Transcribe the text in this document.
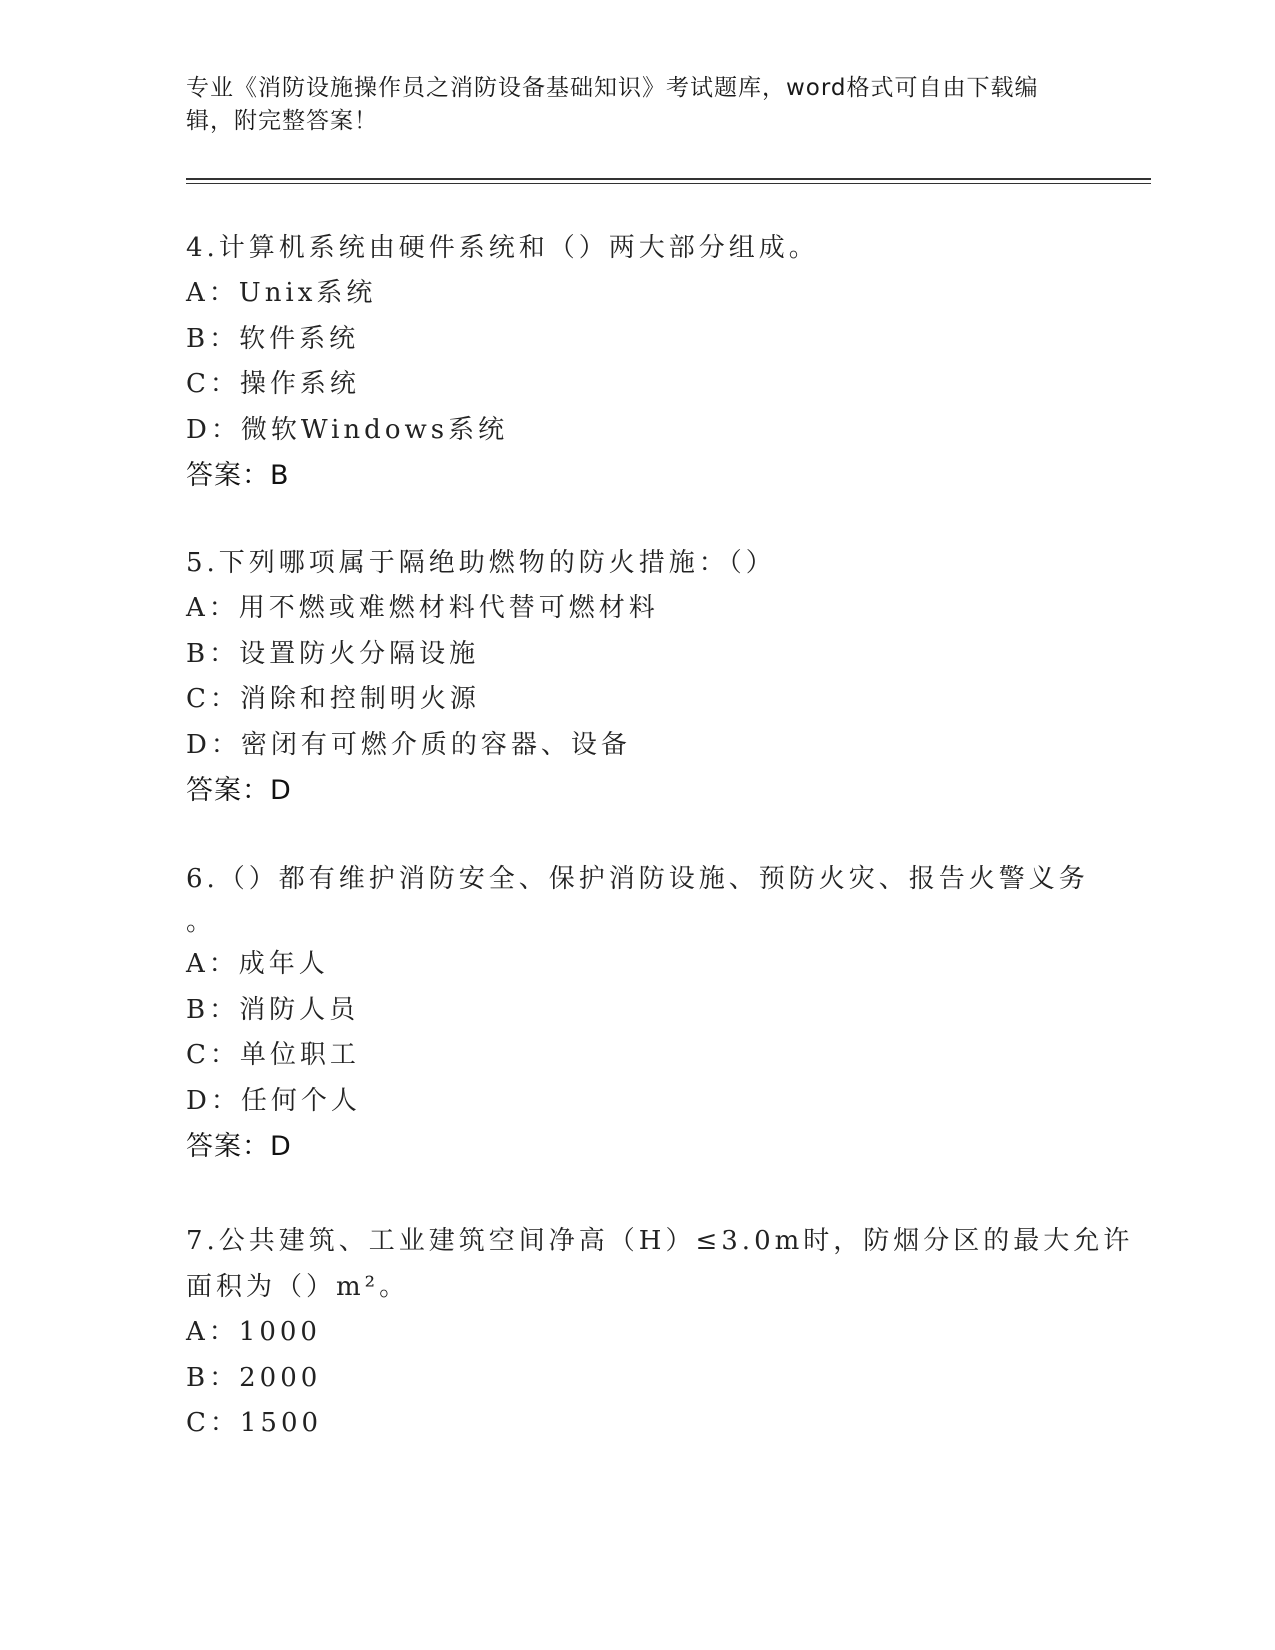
专业《消防设施操作员之消防设备基础知识》考试题库，word格式可自由下载编
辑，附完整答案！
4.计算机系统由硬件系统和（）两大部分组成。
A：Unix系统
B：软件系统
C：操作系统
D：微软Windows系统
答案：B
5.下列哪项属于隔绝助燃物的防火措施：（）
A：用不燃或难燃材料代替可燃材料
B：设置防火分隔设施
C：消除和控制明火源
D：密闭有可燃介质的容器、设备
答案：D
6.（）都有维护消防安全、保护消防设施、预防火灾、报告火警义务
。
A：成年人
B：消防人员
C：单位职工
D：任何个人
答案：D
7.公共建筑、工业建筑空间净高（H）≤3.0m时，防烟分区的最大允许
面积为（）m²。
A：1000
B：2000
C：1500
